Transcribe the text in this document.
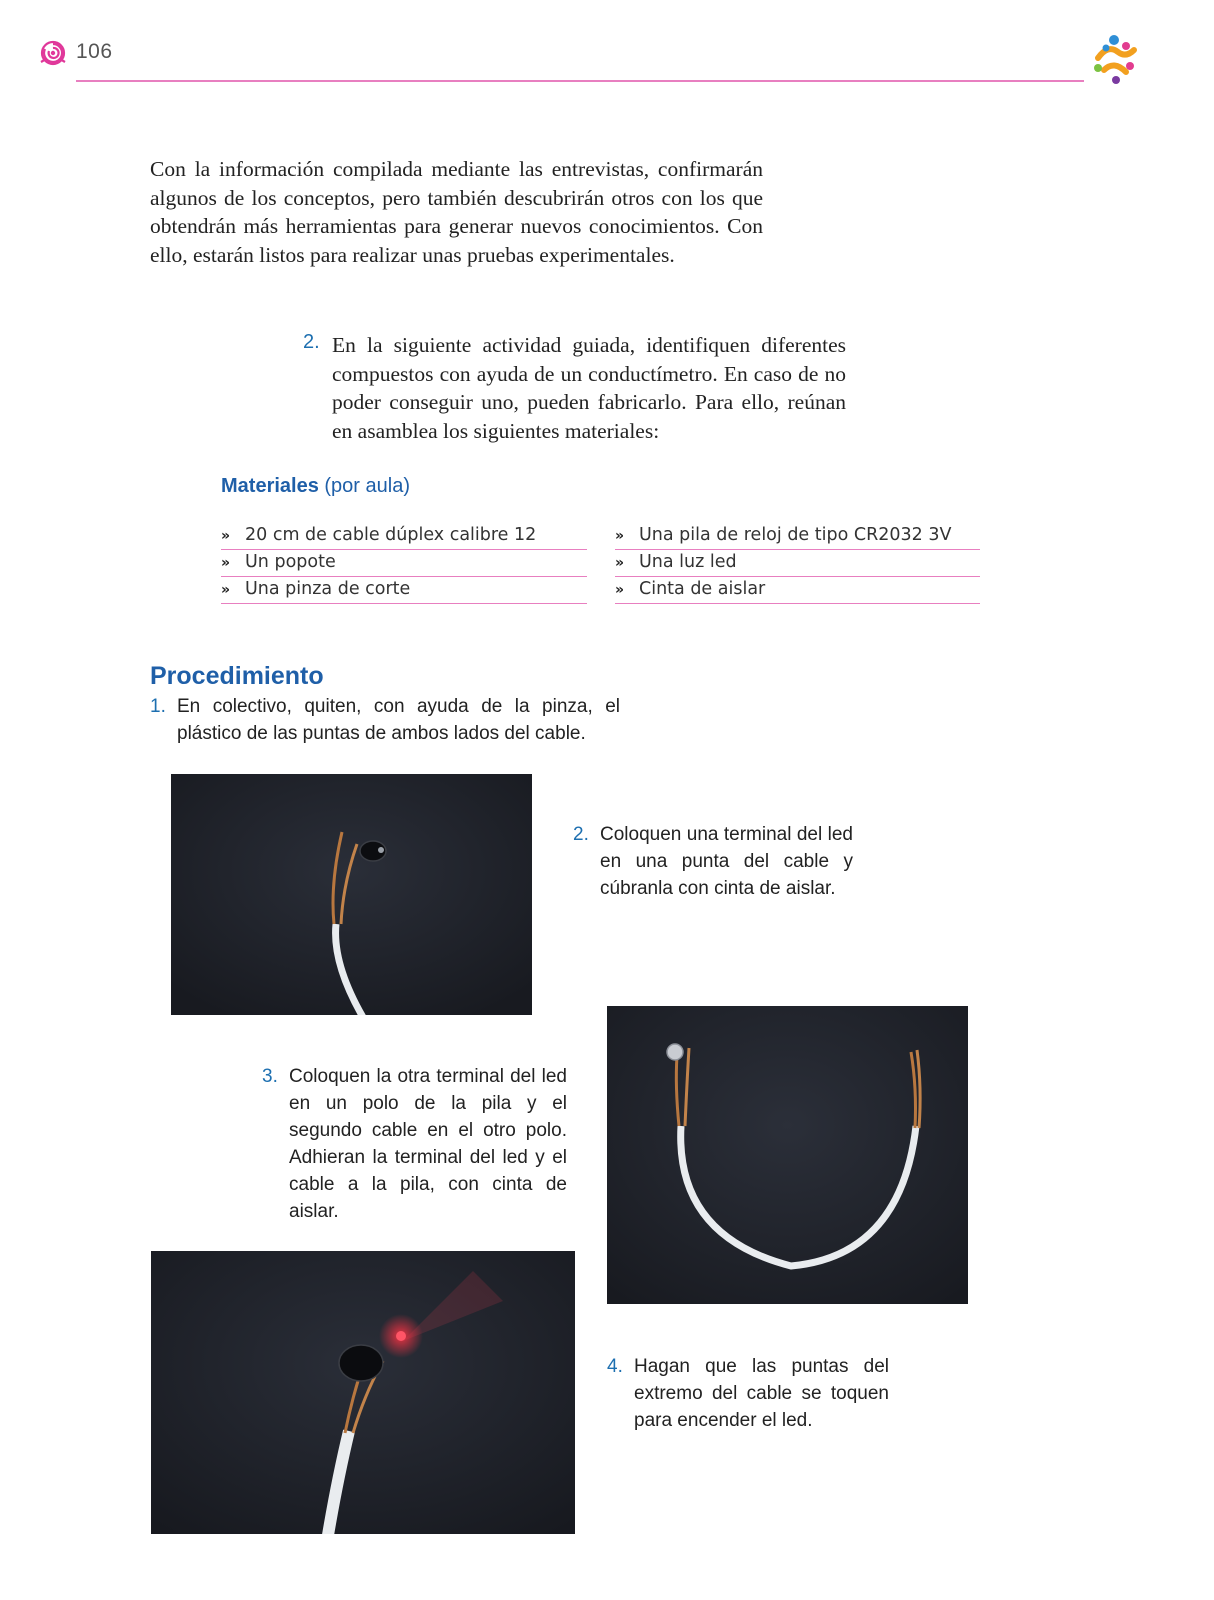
106

Con la información compilada mediante las entrevistas, confirmarán algunos de los conceptos, pero también descubrirán otros con los que obtendrán más herramientas para generar nuevos conocimientos. Con ello, estarán listos para realizar unas pruebas experimentales.

2. En la siguiente actividad guiada, identifiquen diferentes compuestos con ayuda de un conductímetro. En caso de no poder conseguir uno, pueden fabricarlo. Para ello, reúnan en asamblea los siguientes materiales:

Materiales (por aula)
» 20 cm de cable dúplex calibre 12
» Un popote
» Una pinza de corte
» Una pila de reloj de tipo CR2032 3V
» Una luz led
» Cinta de aislar
Procedimiento
1. En colectivo, quiten, con ayuda de la pinza, el plástico de las puntas de ambos lados del cable.
2. Coloquen una terminal del led en una punta del cable y cúbranla con cinta de aislar.
3. Coloquen la otra terminal del led en un polo de la pila y el segundo cable en el otro polo. Adhieran la terminal del led y el cable a la pila, con cinta de aislar.
4. Hagan que las puntas del extremo del cable se toquen para encender el led.
